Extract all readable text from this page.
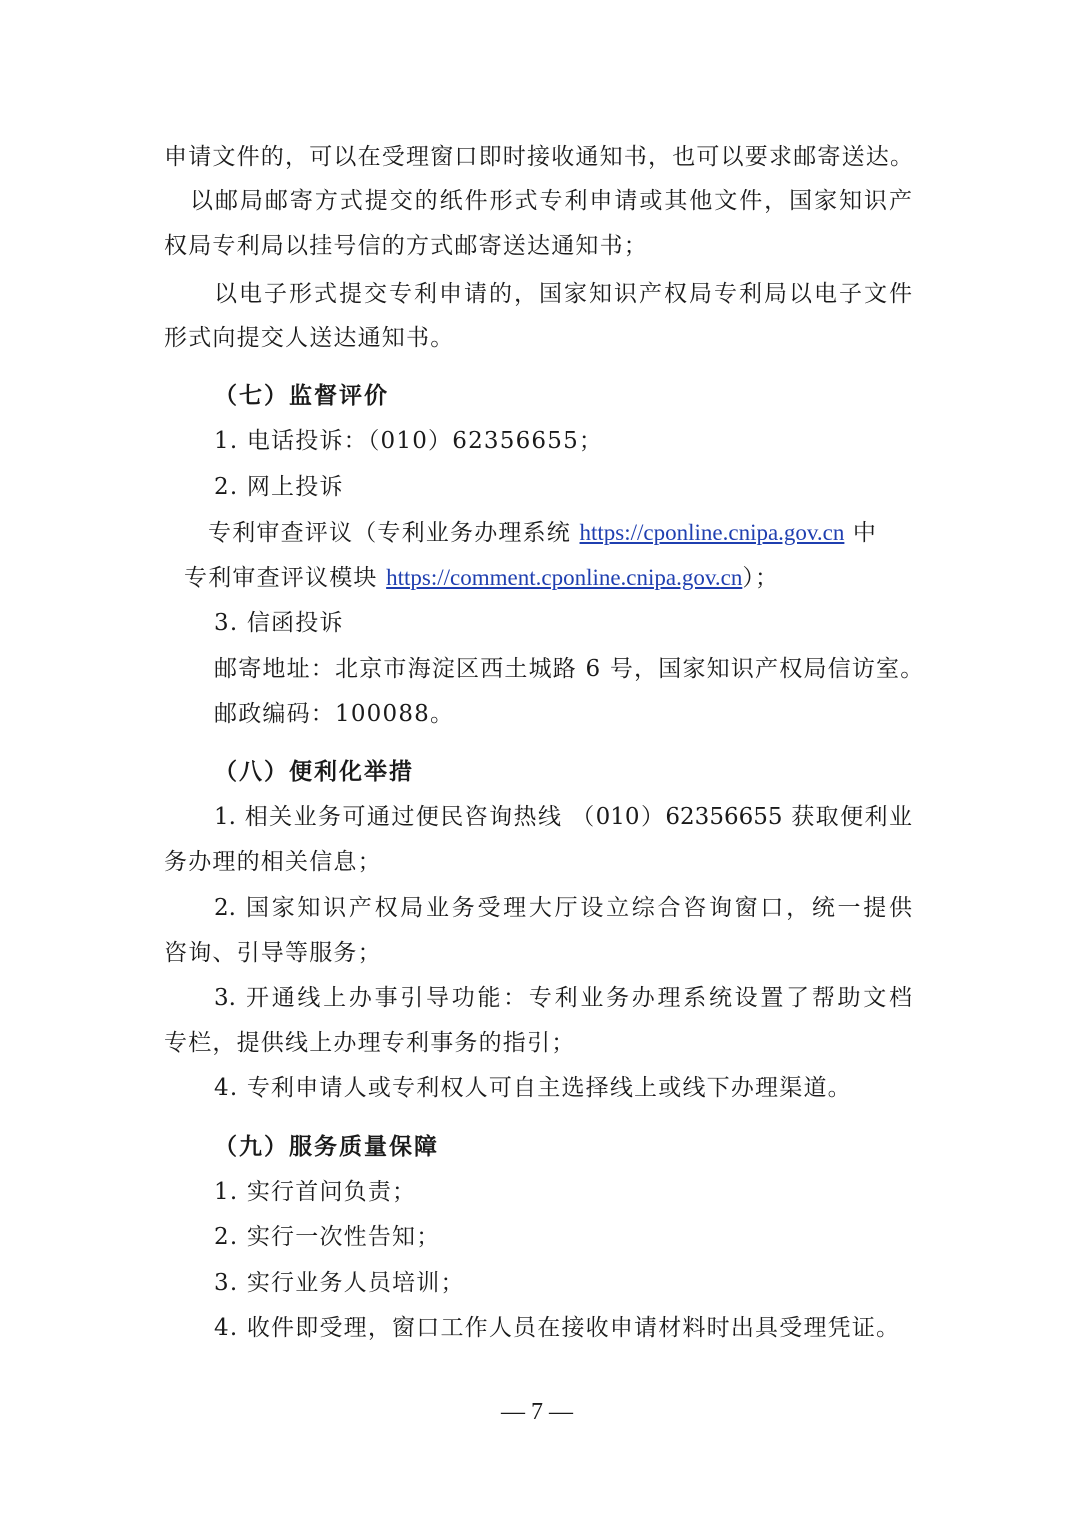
申请文件的，可以在受理窗口即时接收通知书，也可以要求邮寄送达。
以邮局邮寄方式提交的纸件形式专利申请或其他文件，国家知识产
权局专利局以挂号信的方式邮寄送达通知书；
以电子形式提交专利申请的，国家知识产权局专利局以电子文件
形式向提交人送达通知书。
（七）监督评价
1. 电话投诉：（010）62356655；
2. 网上投诉
专利审查评议（专利业务办理系统 https://cponline.cnipa.gov.cn 中
专利审查评议模块 https://comment.cponline.cnipa.gov.cn）；
3. 信函投诉
邮寄地址：北京市海淀区西土城路 6 号，国家知识产权局信访室。
邮政编码：100088。
（八）便利化举措
1. 相关业务可通过便民咨询热线 （010）62356655 获取便利业
务办理的相关信息；
2. 国家知识产权局业务受理大厅设立综合咨询窗口，统一提供
咨询、引导等服务；
3. 开通线上办事引导功能：专利业务办理系统设置了帮助文档
专栏，提供线上办理专利事务的指引；
4. 专利申请人或专利权人可自主选择线上或线下办理渠道。
（九）服务质量保障
1. 实行首问负责；
2. 实行一次性告知；
3. 实行业务人员培训；
4. 收件即受理，窗口工作人员在接收申请材料时出具受理凭证。
— 7 —
